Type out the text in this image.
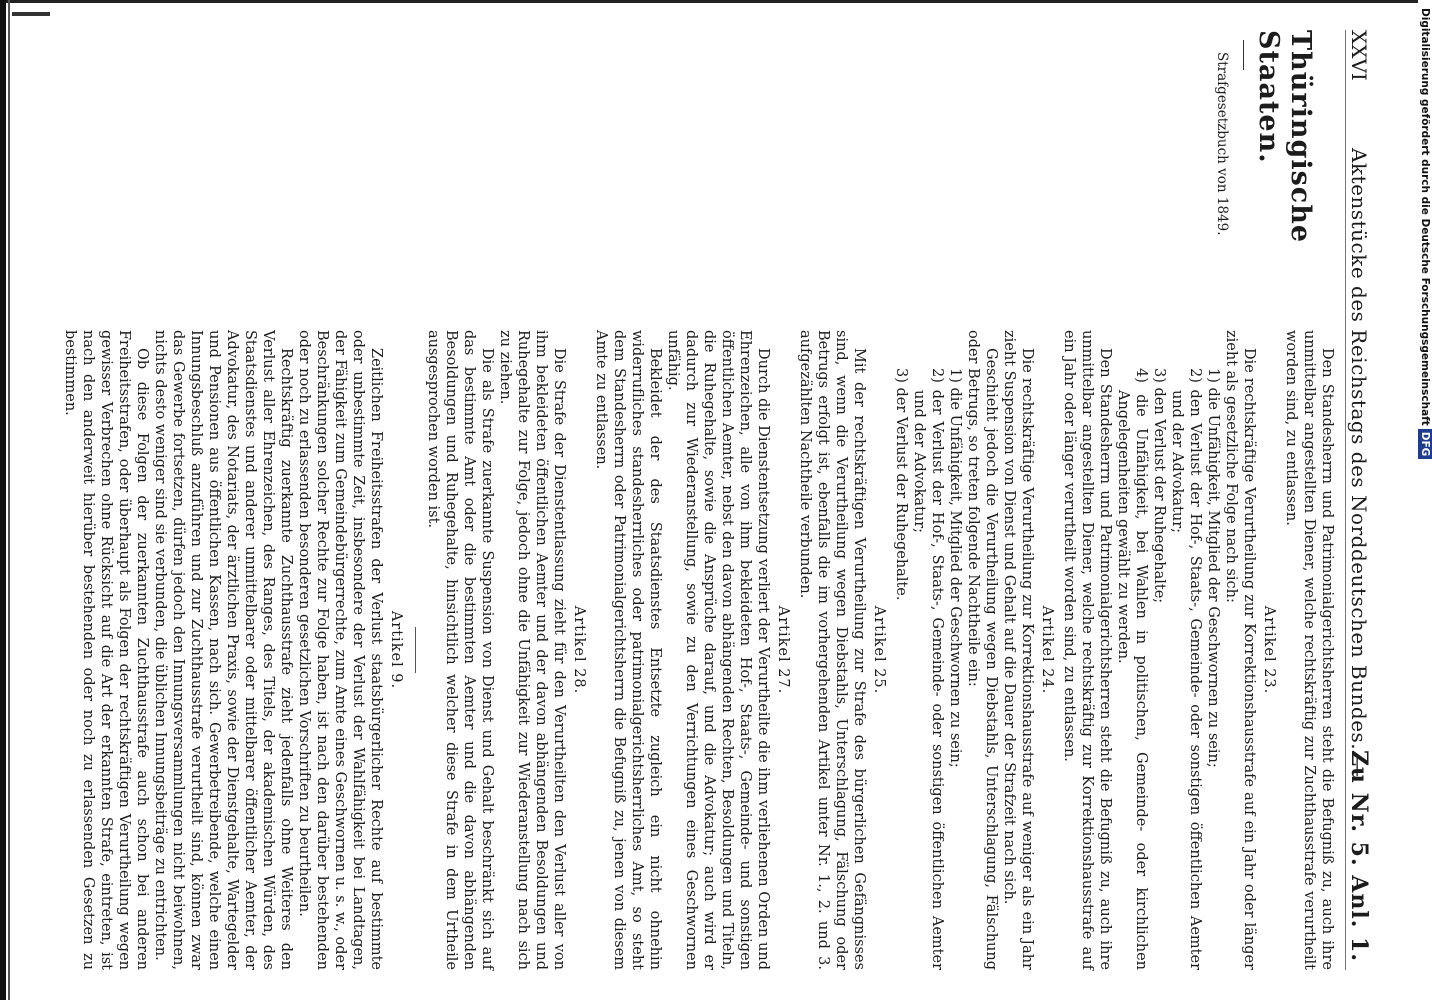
XXVI
Aktenstücke des Reichstags des Norddeutschen Bundes. —
Zu Nr. 5. Anl. 1.
Thüringische Staaten.
Strafgesetzbuch von 1849.

Den Standesherrn und Patrimonialgerichtsherren steht die Befugniß zu, auch ihre unmittelbar angestellten Diener, welche rechtskräftig zur Zuchthausstrafe verurtheilt worden sind, zu entlassen.

Artikel 23.

Die rechtskräftige Verurtheilung zur Korrektionshausstrafe auf ein Jahr oder länger zieht als gesetzliche Folge nach sich:

1) die Unfähigkeit, Mitglied der Geschwornen zu sein;

2) den Verlust der Hof-, Staats-, Gemeinde- oder sonstigen öffentlichen Aemter und der Advokatur;

3) den Verlust der Ruhegehalte;

4) die Unfähigkeit, bei Wahlen in politischen, Gemeinde- oder kirchlichen Angelegenheiten gewählt zu werden.

Den Standesherrn und Patrimonialgerichtsherren steht die Befugniß zu, auch ihre unmittelbar angestellten Diener, welche rechtskräftig zur Korrektionshausstrafe auf ein Jahr oder länger verurtheilt worden sind, zu entlassen.

Artikel 24.

Die rechtskräftige Verurtheilung zur Korrektionshausstrafe auf weniger als ein Jahr zieht Suspension von Dienst und Gehalt auf die Dauer der Strafzeit nach sich.

Geschieht jedoch die Verurtheilung wegen Diebstahls, Unterschlagung, Fälschung oder Betrugs, so treten folgende Nachtheile ein:

1) die Unfähigkeit, Mitglied der Geschwornen zu sein;

2) der Verlust der Hof-, Staats-, Gemeinde- oder sonstigen öffentlichen Aemter und der Advokatur;

3) der Verlust der Ruhegehalte.

Artikel 25.

Mit der rechtskräftigen Verurtheilung zur Strafe des bürgerlichen Gefängnisses sind, wenn die Verurtheilung wegen Diebstahls, Unterschlagung, Fälschung oder Betrugs erfolgt ist, ebenfalls die im vorhergehenden Artikel unter Nr. 1., 2. und 3. aufgezählten Nachtheile verbunden.

Artikel 27.

Durch die Dienstentsetzung verliert der Verurtheilte die ihm verliehenen Orden und Ehrenzeichen, alle von ihm bekleideten Hof-, Staats-, Gemeinde- und sonstigen öffentlichen Aemter, nebst den davon abhängenden Rechten, Besoldungen und Titeln, die Ruhegehalte, sowie die Ansprüche darauf, und die Advokatur; auch wird er dadurch zur Wiederanstellung, sowie zu den Verrichtungen eines Geschwornen unfähig.

Bekleidet der des Staatsdienstes Entsetzte zugleich ein nicht ohnehin widerrufliches standesherrliches oder patrimonialgerichtsherrliches Amt, so steht dem Standesherrn oder Patrimonialgerichtsherrn die Befugniß zu, jenen von diesem Amte zu entlassen.

Artikel 28.

Die Strafe der Dienstentlassung zieht für den Verurtheilten den Verlust aller von ihm bekleideten öffentlichen Aemter und der davon abhängenden Besoldungen und Ruhegehalte zur Folge, jedoch ohne die Unfähigkeit zur Wiederanstellung nach sich zu ziehen.

Die als Strafe zuerkannte Suspension von Dienst und Gehalt beschränkt sich auf das bestimmte Amt oder die bestimmten Aemter und die davon abhängenden Besoldungen und Ruhegehalte, hinsichtlich welcher diese Strafe in dem Urtheile ausgesprochen worden ist.

Artikel 9.

Zeitlichen Freiheitsstrafen der Verlust staatsbürgerlicher Rechte auf bestimmte oder unbestimmte Zeit, insbesondere der Verlust der Wahlfähigkeit bei Landtagen, der Fähigkeit zum Gemeindebürgerrechte, zum Amte eines Geschwornen u. s. w., oder Beschränkungen solcher Rechte zur Folge haben, ist nach den darüber bestehenden oder noch zu erlassenden besonderen gesetzlichen Vorschriften zu beurtheilen.

Rechtskräftig zuerkannte Zuchthausstrafe zieht jedenfalls ohne Weiteres den Verlust aller Ehrenzeichen, des Ranges, des Titels, der akademischen Würden, des Staatsdienstes und anderer unmittelbarer oder mittelbarer öffentlicher Aemter, der Advokatur, des Notariats, der ärztlichen Praxis, sowie der Dienstgehalte, Wartegelder und Pensionen aus öffentlichen Kassen, nach sich. Gewerbetreibende, welche einen Innungsbeschluß anzuführen und zur Zuchthausstrafe verurtheilt sind, können zwar das Gewerbe fortsetzen, dürfen jedoch den Innungsversammlungen nicht beiwohnen, nichts desto weniger sind sie verbunden, die üblichen Innungsbeiträge zu entrichten.

Ob diese Folgen der zuerkannten Zuchthausstrafe auch schon bei anderen Freiheitsstrafen, oder überhaupt als Folgen der rechtskräftigen Verurtheilung wegen gewisser Verbrechen ohne Rücksicht auf die Art der erkannten Strafe, eintreten, ist nach den anderweit hierüber bestehenden oder noch zu erlassenden Gesetzen zu bestimmen.	Digitalisierung gefördert durch die Deutsche ForschungsgemeinschaftDFG
